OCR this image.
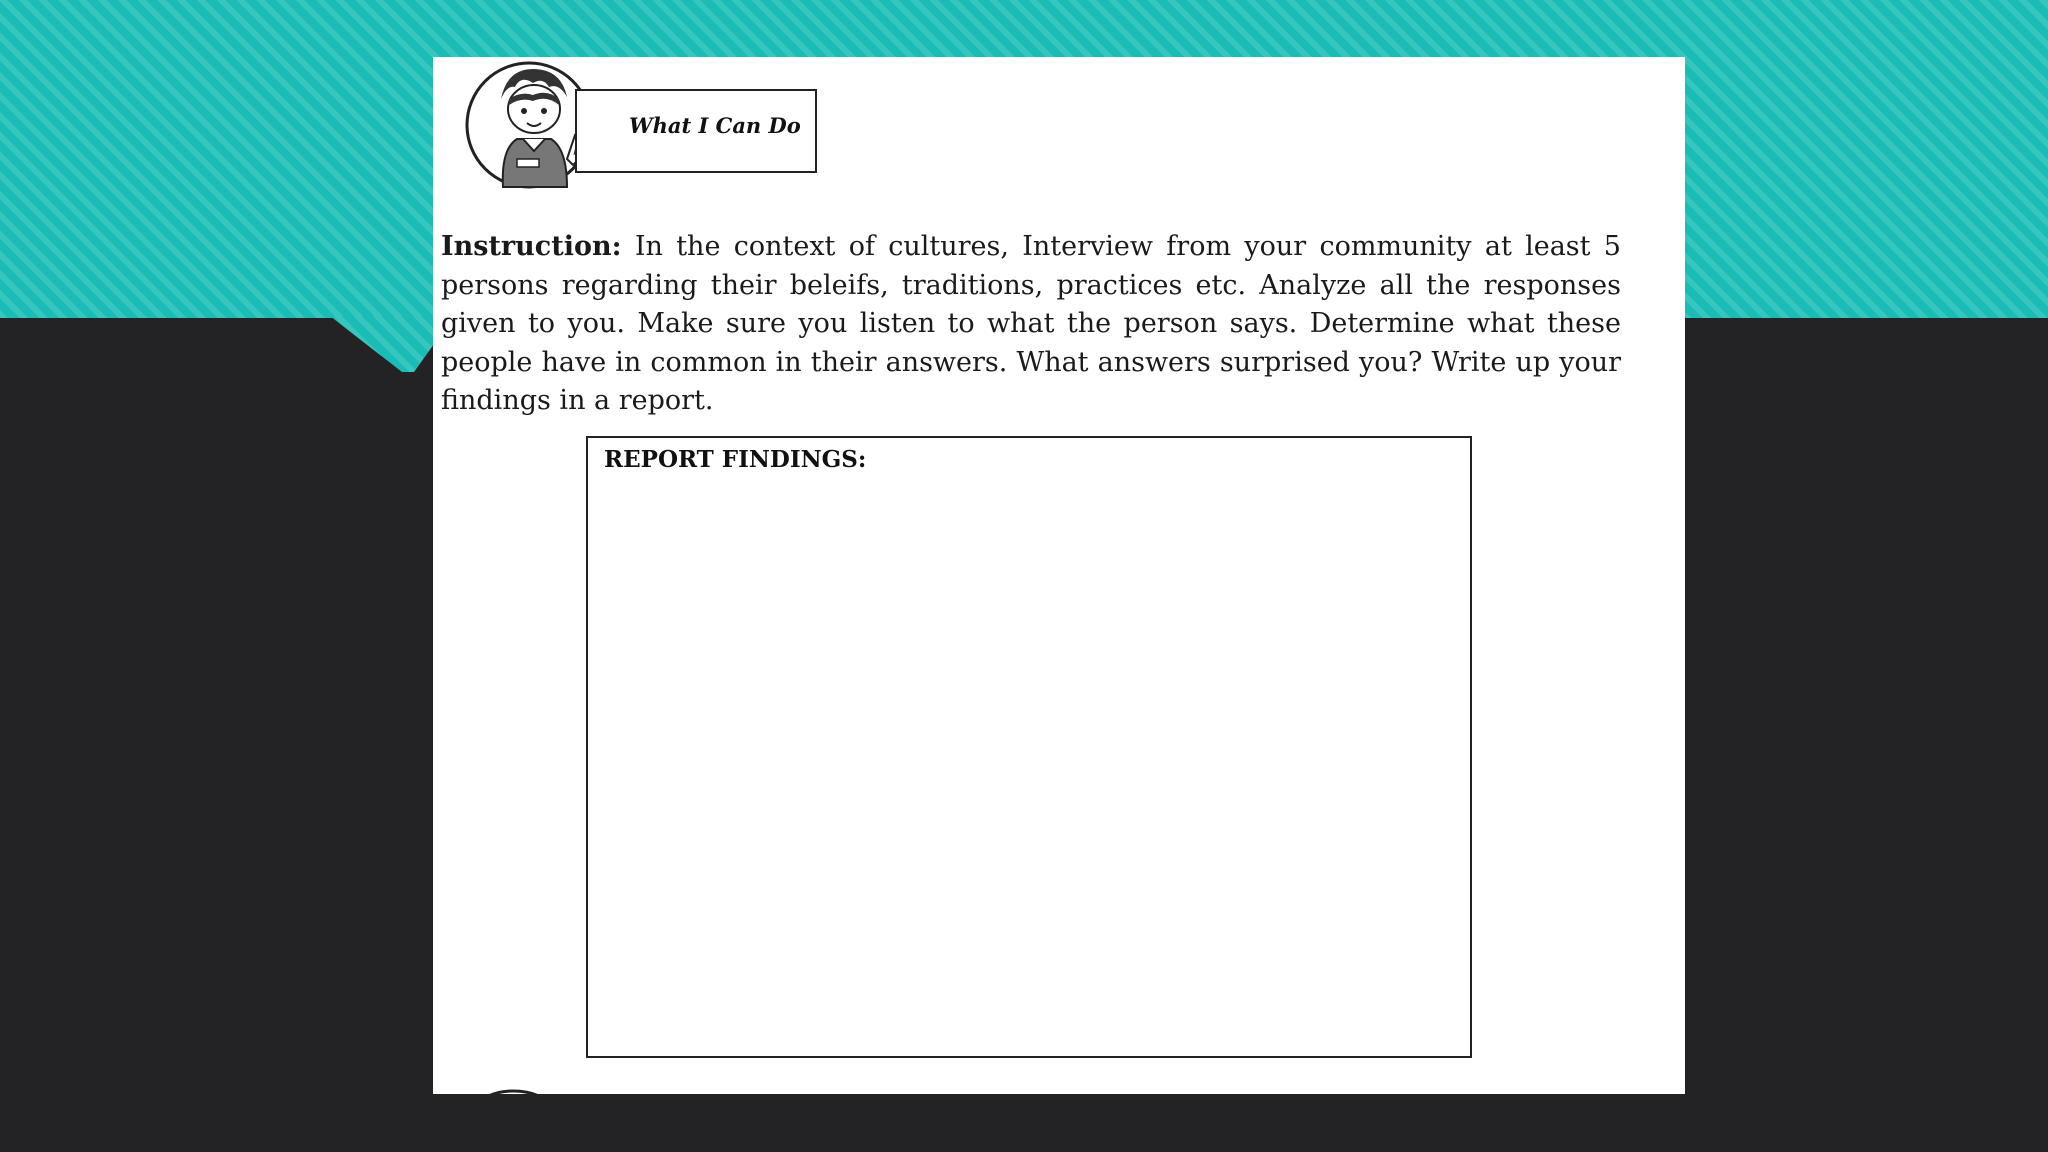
What I Can Do
Instruction: In the context of cultures, Interview from your community at least 5 persons regarding their beleifs, traditions, practices etc. Analyze all the responses given to you. Make sure you listen to what the person says. Determine what these people have in common in their answers. What answers surprised you? Write up your findings in a report.
REPORT FINDINGS:
